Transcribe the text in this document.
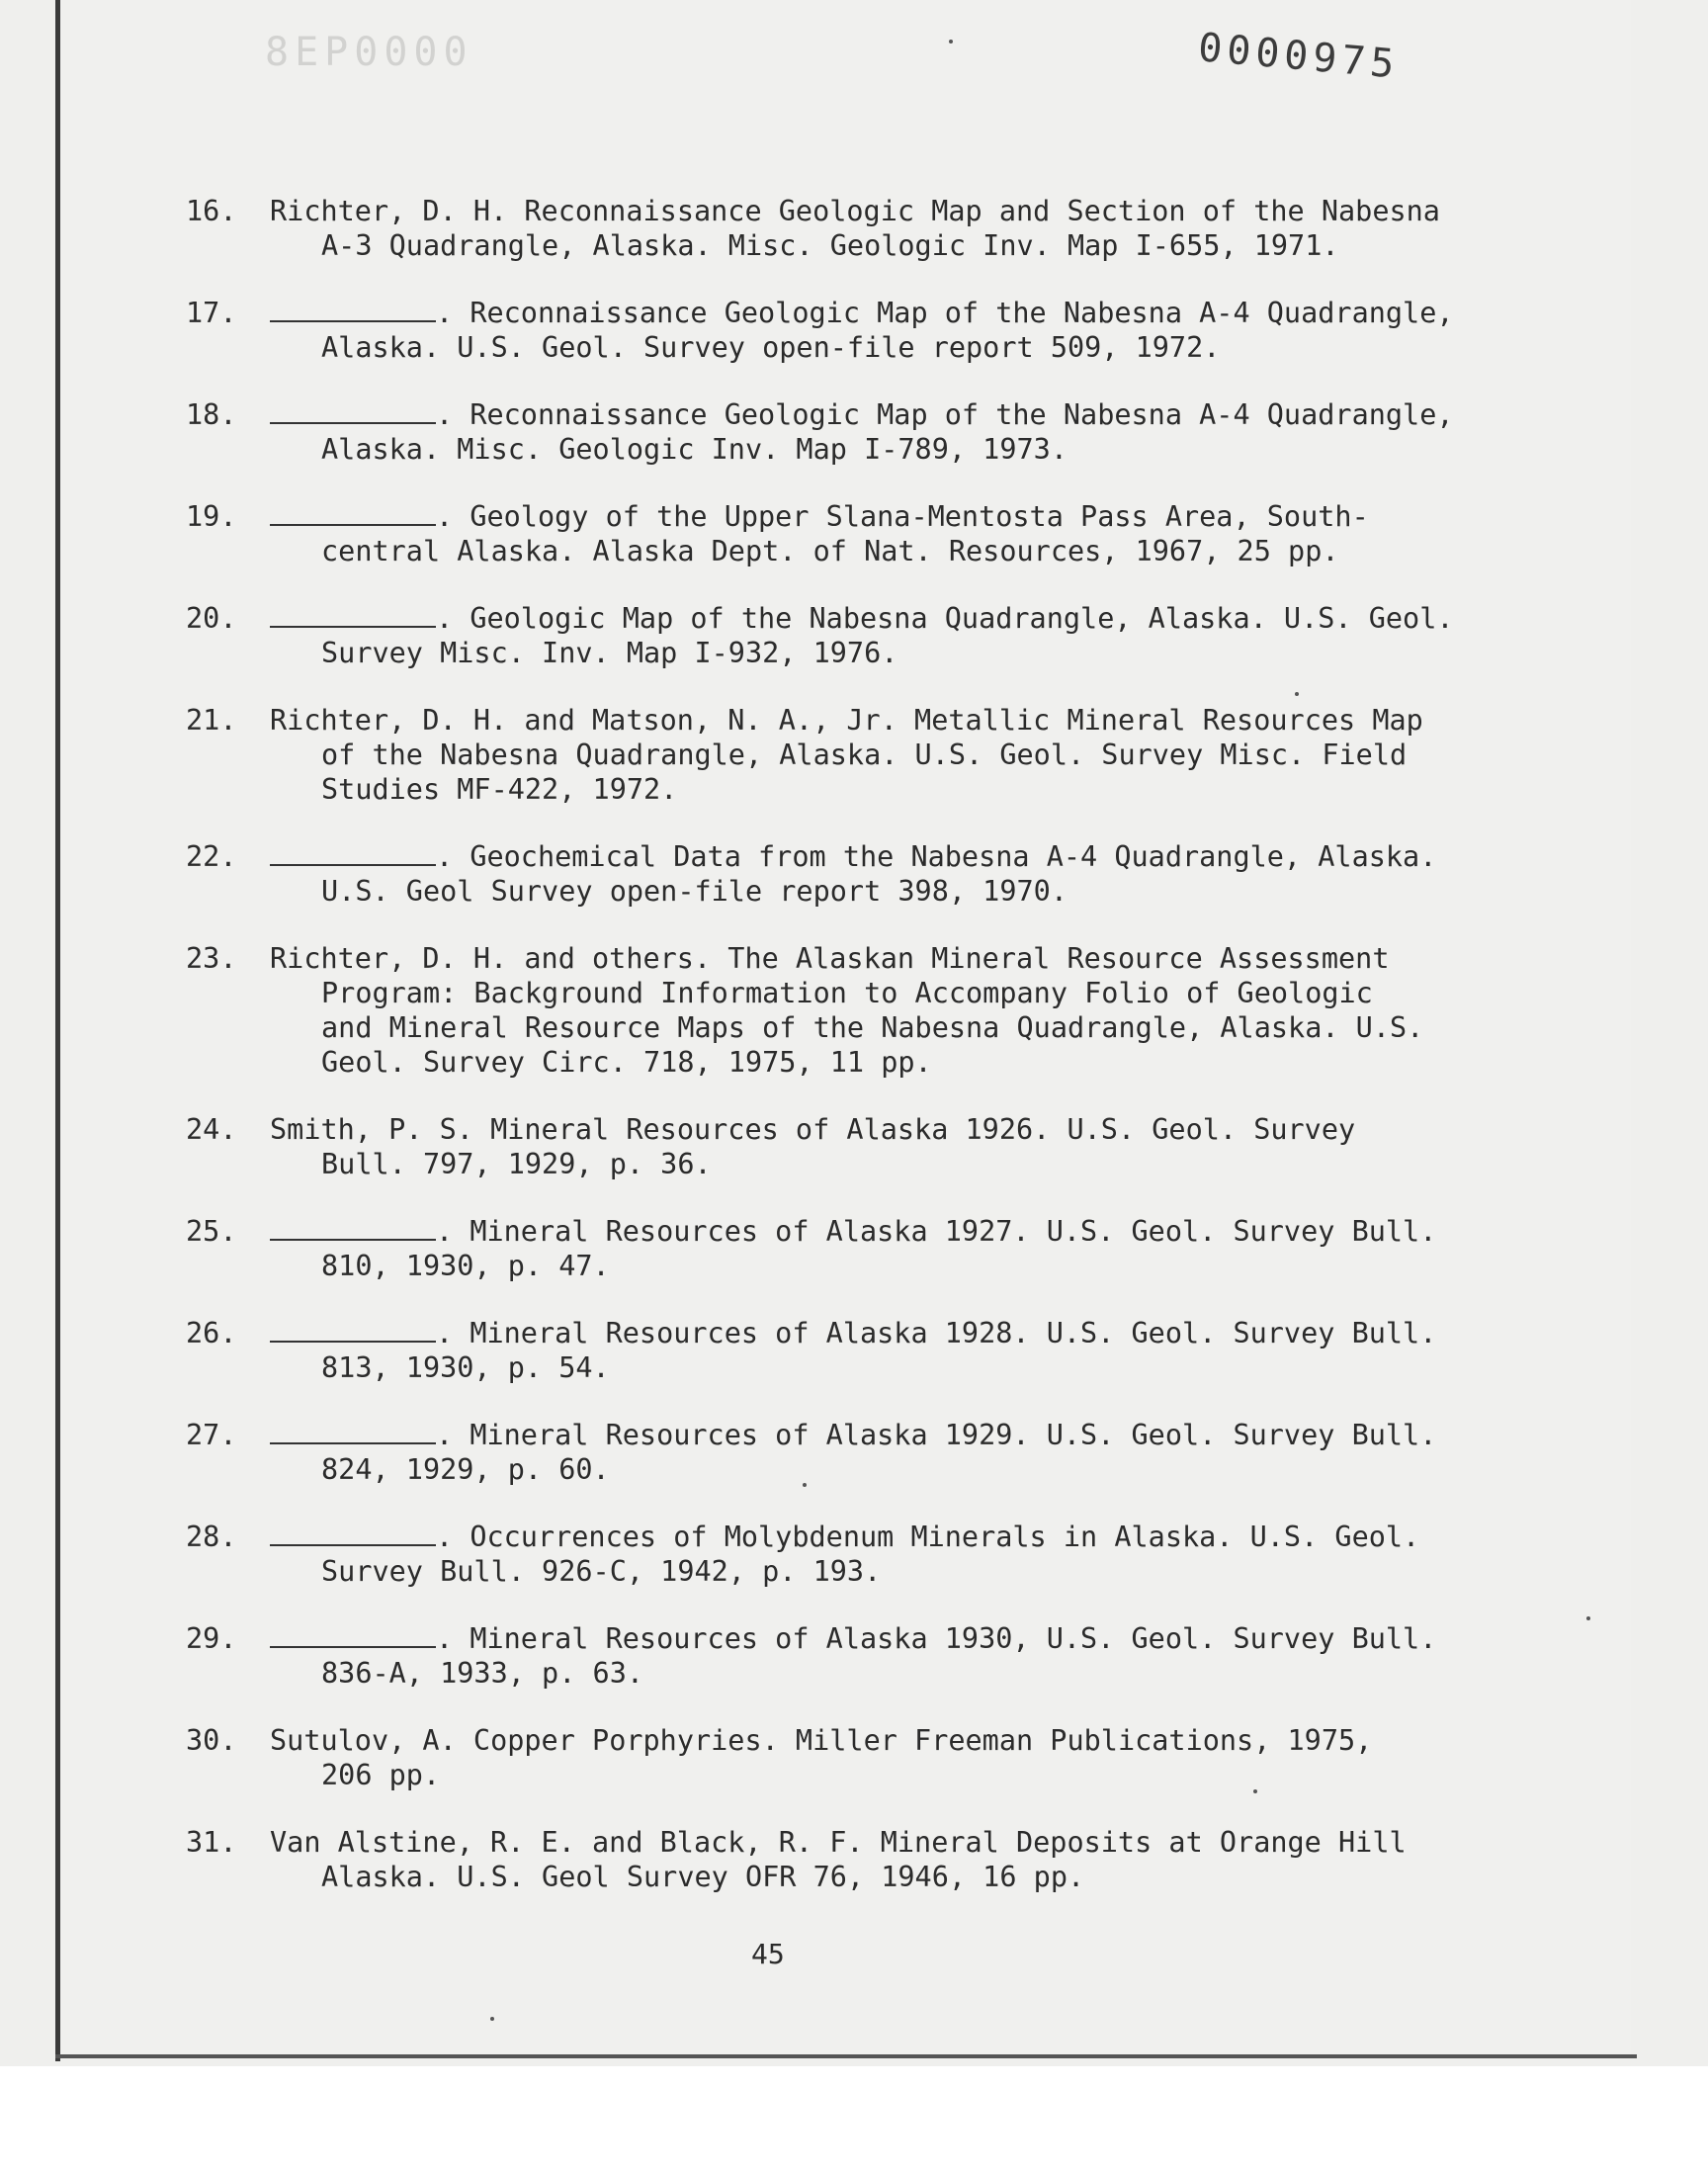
8EP0000	0000975
16.	Richter, D. H. Reconnaissance Geologic Map and Section of the Nabesna
A-3 Quadrangle, Alaska. Misc. Geologic Inv. Map I-655, 1971.
17.	. Reconnaissance Geologic Map of the Nabesna A-4 Quadrangle,
Alaska. U.S. Geol. Survey open-file report 509, 1972.
18.	. Reconnaissance Geologic Map of the Nabesna A-4 Quadrangle,
Alaska. Misc. Geologic Inv. Map I-789, 1973.
19.	. Geology of the Upper Slana-Mentosta Pass Area, South-
central Alaska. Alaska Dept. of Nat. Resources, 1967, 25 pp.
20.	. Geologic Map of the Nabesna Quadrangle, Alaska. U.S. Geol.
Survey Misc. Inv. Map I-932, 1976.
21.	Richter, D. H. and Matson, N. A., Jr. Metallic Mineral Resources Map
of the Nabesna Quadrangle, Alaska. U.S. Geol. Survey Misc. Field
Studies MF-422, 1972.
22.	. Geochemical Data from the Nabesna A-4 Quadrangle, Alaska.
U.S. Geol Survey open-file report 398, 1970.
23.	Richter, D. H. and others. The Alaskan Mineral Resource Assessment
Program: Background Information to Accompany Folio of Geologic
and Mineral Resource Maps of the Nabesna Quadrangle, Alaska. U.S.
Geol. Survey Circ. 718, 1975, 11 pp.
24.	Smith, P. S. Mineral Resources of Alaska 1926. U.S. Geol. Survey
Bull. 797, 1929, p. 36.
25.	. Mineral Resources of Alaska 1927. U.S. Geol. Survey Bull.
810, 1930, p. 47.
26.	. Mineral Resources of Alaska 1928. U.S. Geol. Survey Bull.
813, 1930, p. 54.
27.	. Mineral Resources of Alaska 1929. U.S. Geol. Survey Bull.
824, 1929, p. 60.
28.	. Occurrences of Molybdenum Minerals in Alaska. U.S. Geol.
Survey Bull. 926-C, 1942, p. 193.
29.	. Mineral Resources of Alaska 1930, U.S. Geol. Survey Bull.
836-A, 1933, p. 63.
30.	Sutulov, A. Copper Porphyries. Miller Freeman Publications, 1975,
206 pp.
31.	Van Alstine, R. E. and Black, R. F. Mineral Deposits at Orange Hill
Alaska. U.S. Geol Survey OFR 76, 1946, 16 pp.
45
